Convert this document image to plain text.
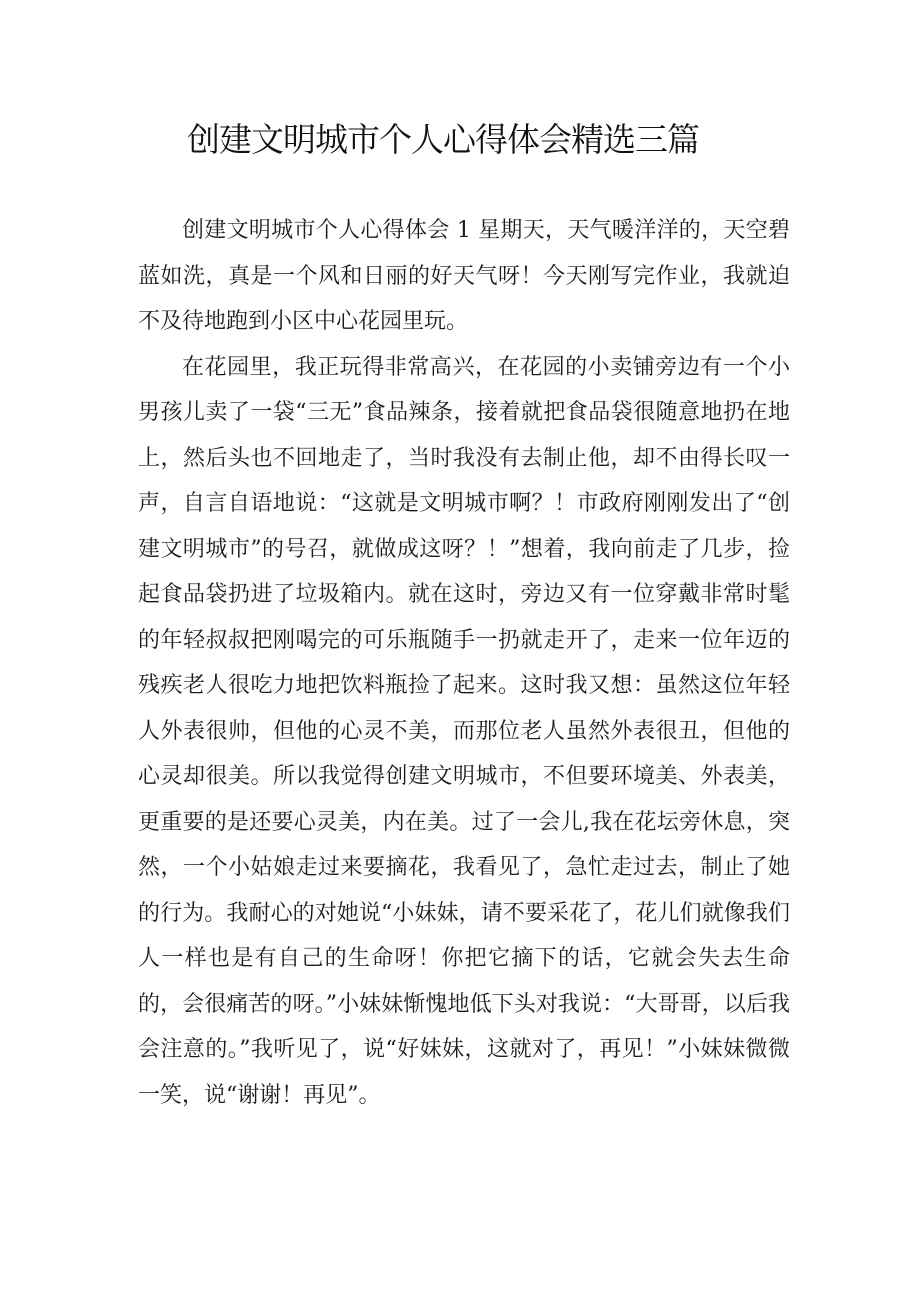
创建文明城市个人心得体会精选三篇

创建文明城市个人心得体会 1 星期天，天气暖洋洋的，天空碧蓝如洗，真是一个风和日丽的好天气呀！今天刚写完作业，我就迫不及待地跑到小区中心花园里玩。

在花园里，我正玩得非常高兴，在花园的小卖铺旁边有一个小男孩儿卖了一袋“三无”食品辣条，接着就把食品袋很随意地扔在地上，然后头也不回地走了，当时我没有去制止他，却不由得长叹一声，自言自语地说：“这就是文明城市啊？！市政府刚刚发出了“创建文明城市”的号召，就做成这呀？！”想着，我向前走了几步，捡起食品袋扔进了垃圾箱内。就在这时，旁边又有一位穿戴非常时髦的年轻叔叔把刚喝完的可乐瓶随手一扔就走开了，走来一位年迈的残疾老人很吃力地把饮料瓶捡了起来。这时我又想：虽然这位年轻人外表很帅，但他的心灵不美，而那位老人虽然外表很丑，但他的心灵却很美。所以我觉得创建文明城市，不但要环境美、外表美，更重要的是还要心灵美，内在美。过了一会儿,我在花坛旁休息，突然，一个小姑娘走过来要摘花，我看见了，急忙走过去，制止了她的行为。我耐心的对她说“小妹妹，请不要采花了，花儿们就像我们人一样也是有自己的生命呀！你把它摘下的话，它就会失去生命的，会很痛苦的呀。”小妹妹惭愧地低下头对我说：“大哥哥，以后我会注意的。”我听见了，说“好妹妹，这就对了，再见！”小妹妹微微一笑，说“谢谢！再见”。
